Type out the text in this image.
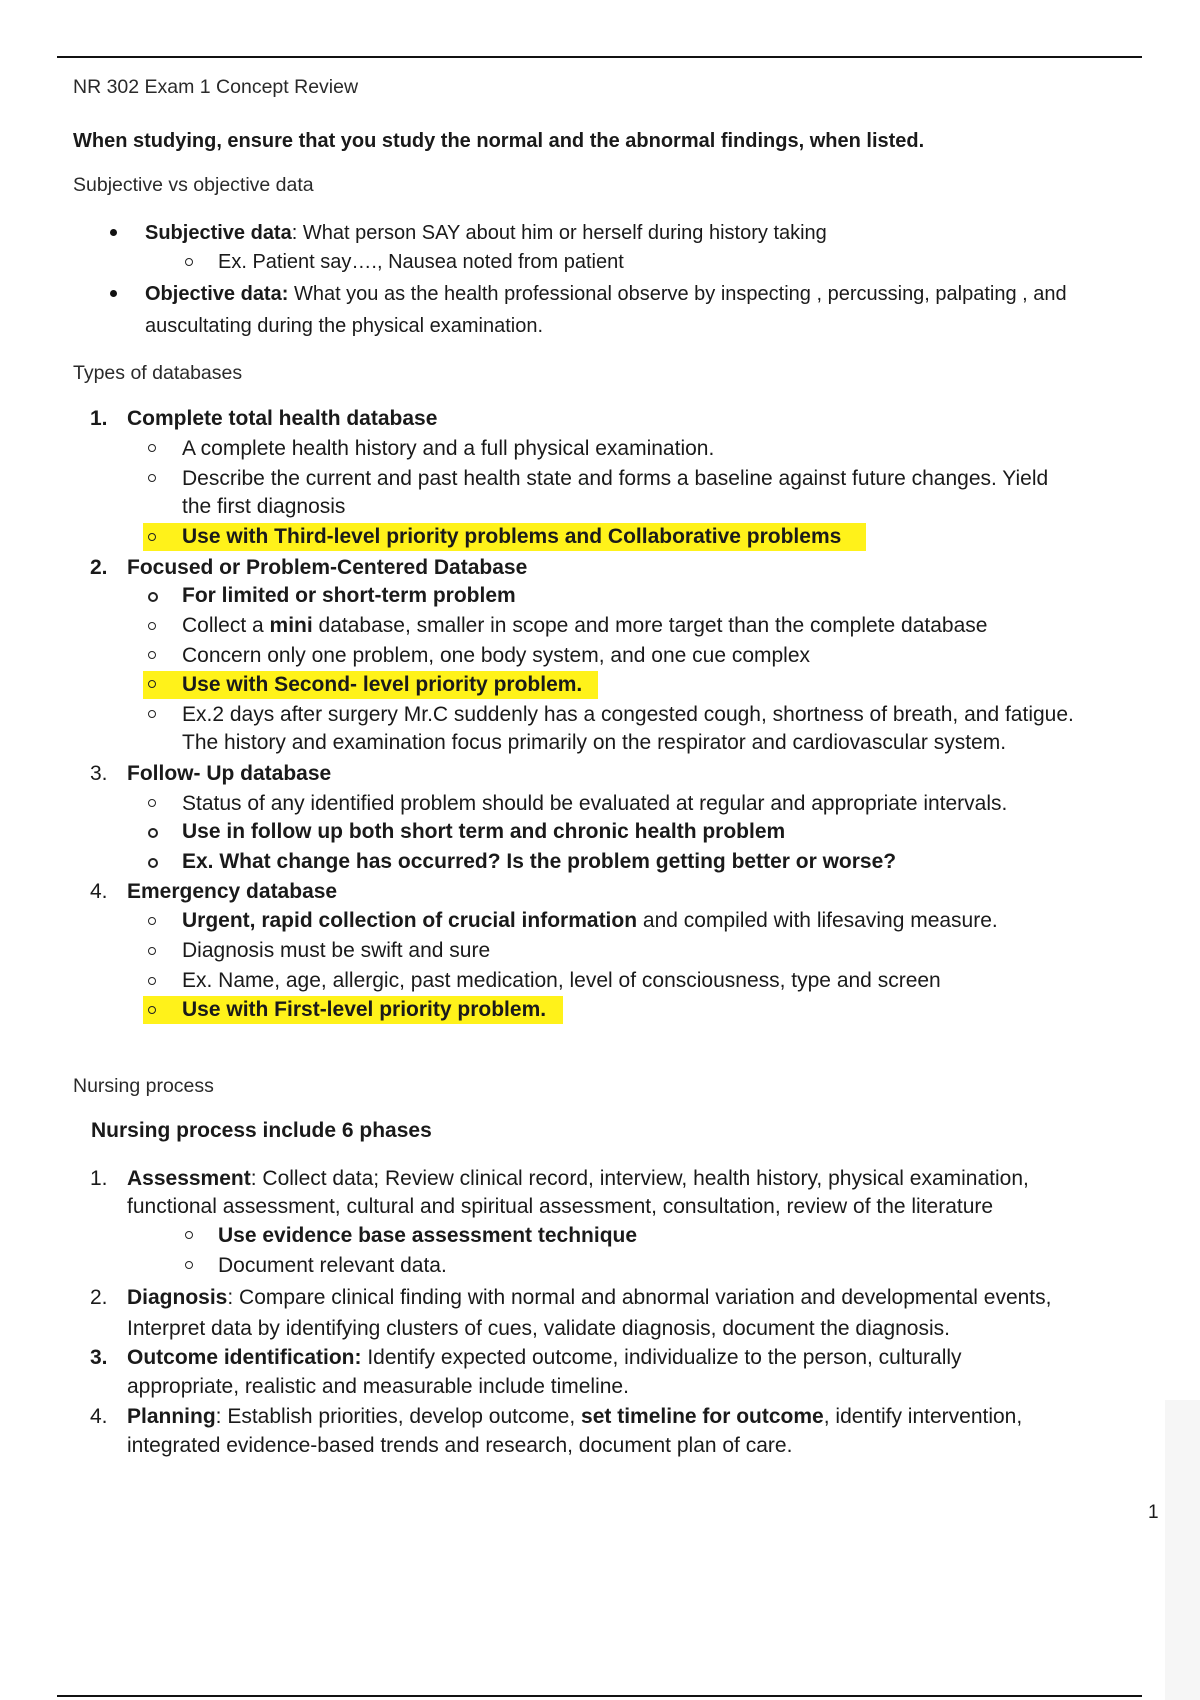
NR 302 Exam 1 Concept Review
When studying, ensure that you study the normal and the abnormal findings, when listed.
Subjective vs objective data
Subjective data: What person SAY about him or herself during history taking
Ex. Patient say…., Nausea noted from patient
Objective data: What you as the health professional observe by inspecting , percussing, palpating , and
auscultating during the physical examination.
Types of databases
1. Complete total health database
A complete health history and a full physical examination.
Describe the current and past health state and forms a baseline against future changes. Yield
the first diagnosis
Use with Third-level priority problems and Collaborative problems
2. Focused or Problem-Centered Database
For limited or short-term problem
Collect a mini database, smaller in scope and more target than the complete database
Concern only one problem, one body system, and one cue complex
Use with Second- level priority problem.
Ex.2 days after surgery Mr.C suddenly has a congested cough, shortness of breath, and fatigue.
The history and examination focus primarily on the respirator and cardiovascular system.
3. Follow- Up database
Status of any identified problem should be evaluated at regular and appropriate intervals.
Use in follow up both short term and chronic health problem
Ex. What change has occurred? Is the problem getting better or worse?
4. Emergency database
Urgent, rapid collection of crucial information and compiled with lifesaving measure.
Diagnosis must be swift and sure
Ex. Name, age, allergic, past medication, level of consciousness, type and screen
Use with First-level priority problem.
Nursing process
Nursing process include 6 phases
1. Assessment: Collect data; Review clinical record, interview, health history, physical examination,
functional assessment, cultural and spiritual assessment, consultation, review of the literature
Use evidence base assessment technique
Document relevant data.
2. Diagnosis: Compare clinical finding with normal and abnormal variation and developmental events,
Interpret data by identifying clusters of cues, validate diagnosis, document the diagnosis.
3. Outcome identification: Identify expected outcome, individualize to the person, culturally
appropriate, realistic and measurable include timeline.
4. Planning: Establish priorities, develop outcome, set timeline for outcome, identify intervention,
integrated evidence-based trends and research, document plan of care.
1
